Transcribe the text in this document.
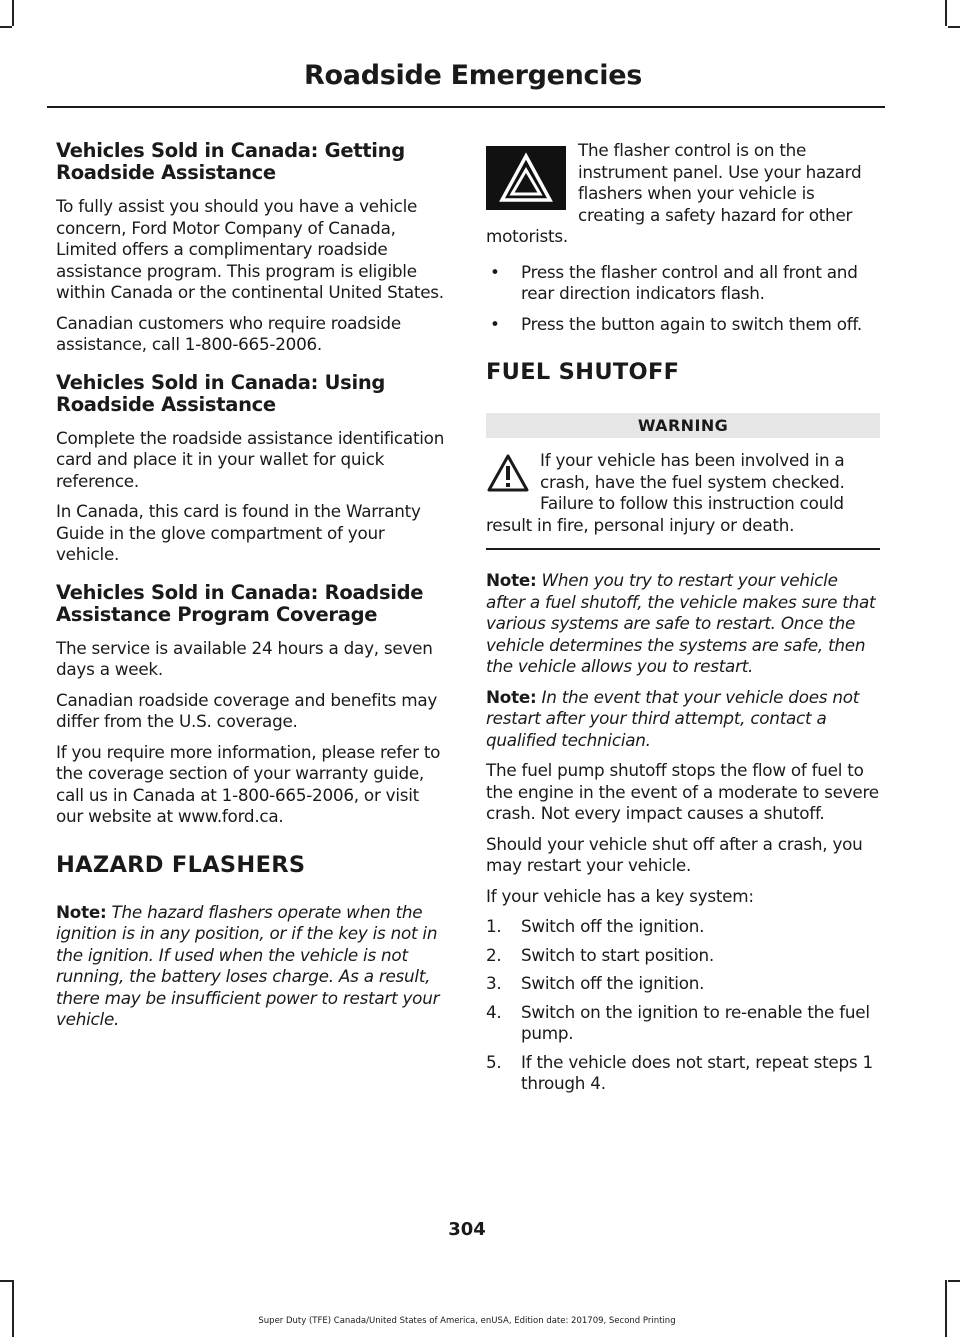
Roadside Emergencies
Vehicles Sold in Canada: Getting Roadside Assistance

To fully assist you should you have a vehicle concern, Ford Motor Company of Canada, Limited offers a complimentary roadside assistance program. This program is eligible within Canada or the continental United States.

Canadian customers who require roadside assistance, call 1-800-665-2006.

Vehicles Sold in Canada: Using Roadside Assistance

Complete the roadside assistance identification card and place it in your wallet for quick reference.

In Canada, this card is found in the Warranty Guide in the glove compartment of your vehicle.

Vehicles Sold in Canada: Roadside Assistance Program Coverage

The service is available 24 hours a day, seven days a week.

Canadian roadside coverage and benefits may differ from the U.S. coverage.

If you require more information, please refer to the coverage section of your warranty guide, call us in Canada at 1-800-665-2006, or visit our website at www.ford.ca.

HAZARD FLASHERS

Note: The hazard flashers operate when the ignition is in any position, or if the key is not in the ignition. If used when the vehicle is not running, the battery loses charge. As a result, there may be insufficient power to restart your vehicle.

The flasher control is on the instrument panel. Use your hazard flashers when your vehicle is creating a safety hazard for other motorists.

• Press the flasher control and all front and rear direction indicators flash.
• Press the button again to switch them off.
FUEL SHUTOFF
WARNING

If your vehicle has been involved in a crash, have the fuel system checked. Failure to follow this instruction could result in fire, personal injury or death.

Note: When you try to restart your vehicle after a fuel shutoff, the vehicle makes sure that various systems are safe to restart. Once the vehicle determines the systems are safe, then the vehicle allows you to restart.

Note: In the event that your vehicle does not restart after your third attempt, contact a qualified technician.

The fuel pump shutoff stops the flow of fuel to the engine in the event of a moderate to severe crash. Not every impact causes a shutoff.

Should your vehicle shut off after a crash, you may restart your vehicle.

If your vehicle has a key system:

1. Switch off the ignition.
2. Switch to start position.
3. Switch off the ignition.
4. Switch on the ignition to re-enable the fuel pump.
5. If the vehicle does not start, repeat steps 1 through 4.
304
Super Duty (TFE) Canada/United States of America, enUSA, Edition date: 201709, Second Printing
